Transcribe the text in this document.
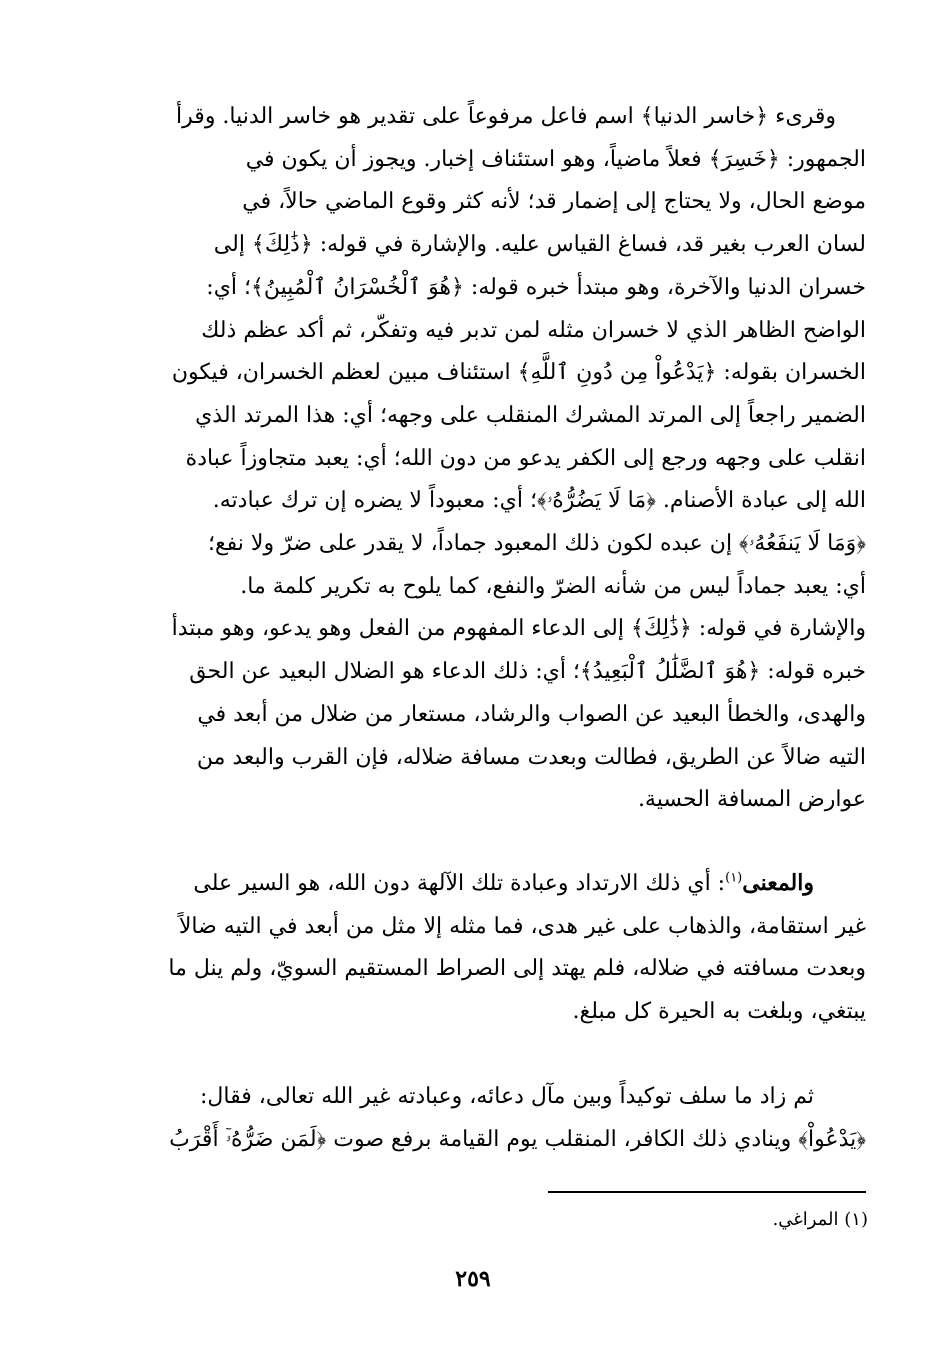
وقرىء ﴿خاسر الدنيا﴾ اسم فاعل مرفوعاً على تقدير هو خاسر الدنيا. وقرأ
الجمهور: ﴿خَسِرَ﴾ فعلاً ماضياً، وهو استئناف إخبار. ويجوز أن يكون في
موضع الحال، ولا يحتاج إلى إضمار قد؛ لأنه كثر وقوع الماضي حالاً، في
لسان العرب بغير قد، فساغ القياس عليه. والإشارة في قوله: ﴿ذَٰلِكَ﴾ إلى
خسران الدنيا والآخرة، وهو مبتدأ خبره قوله: ﴿هُوَ ٱلْخُسْرَانُ ٱلْمُبِينُ﴾؛ أي:
الواضح الظاهر الذي لا خسران مثله لمن تدبر فيه وتفكّر، ثم أكد عظم ذلك
الخسران بقوله: ﴿يَدْعُواْ مِن دُونِ ٱللَّهِ﴾ استئناف مبين لعظم الخسران، فيكون
الضمير راجعاً إلى المرتد المشرك المنقلب على وجهه؛ أي: هذا المرتد الذي
انقلب على وجهه ورجع إلى الكفر يدعو من دون الله؛ أي: يعبد متجاوزاً عبادة
الله إلى عبادة الأصنام. ﴿مَا لَا يَضُرُّهُۥ﴾؛ أي: معبوداً لا يضره إن ترك عبادته.
﴿وَمَا لَا يَنفَعُهُۥ﴾ إن عبده لكون ذلك المعبود جماداً، لا يقدر على ضرّ ولا نفع؛
أي: يعبد جماداً ليس من شأنه الضرّ والنفع، كما يلوح به تكرير كلمة ما.
والإشارة في قوله: ﴿ذَٰلِكَ﴾ إلى الدعاء المفهوم من الفعل وهو يدعو، وهو مبتدأ
خبره قوله: ﴿هُوَ ٱلضَّلَٰلُ ٱلْبَعِيدُ﴾؛ أي: ذلك الدعاء هو الضلال البعيد عن الحق
والهدى، والخطأ البعيد عن الصواب والرشاد، مستعار من ضلال من أبعد في
التيه ضالاً عن الطريق، فطالت وبعدت مسافة ضلاله، فإن القرب والبعد من
عوارض المسافة الحسية.
والمعنى$^{(١)}$: أي ذلك الارتداد وعبادة تلك الآلهة دون الله، هو السير على
غير استقامة، والذهاب على غير هدى، فما مثله إلا مثل من أبعد في التيه ضالاً
وبعدت مسافته في ضلاله، فلم يهتد إلى الصراط المستقيم السويّ، ولم ينل ما
يبتغي، وبلغت به الحيرة كل مبلغ.
ثم زاد ما سلف توكيداً وبين مآل دعائه، وعبادته غير الله تعالى، فقال:
﴿يَدْعُواْ﴾ وينادي ذلك الكافر، المنقلب يوم القيامة برفع صوت ﴿لَمَن ضَرُّهُۥٓ أَقْرَبُ
(١) المراغي.
٢٥٩
